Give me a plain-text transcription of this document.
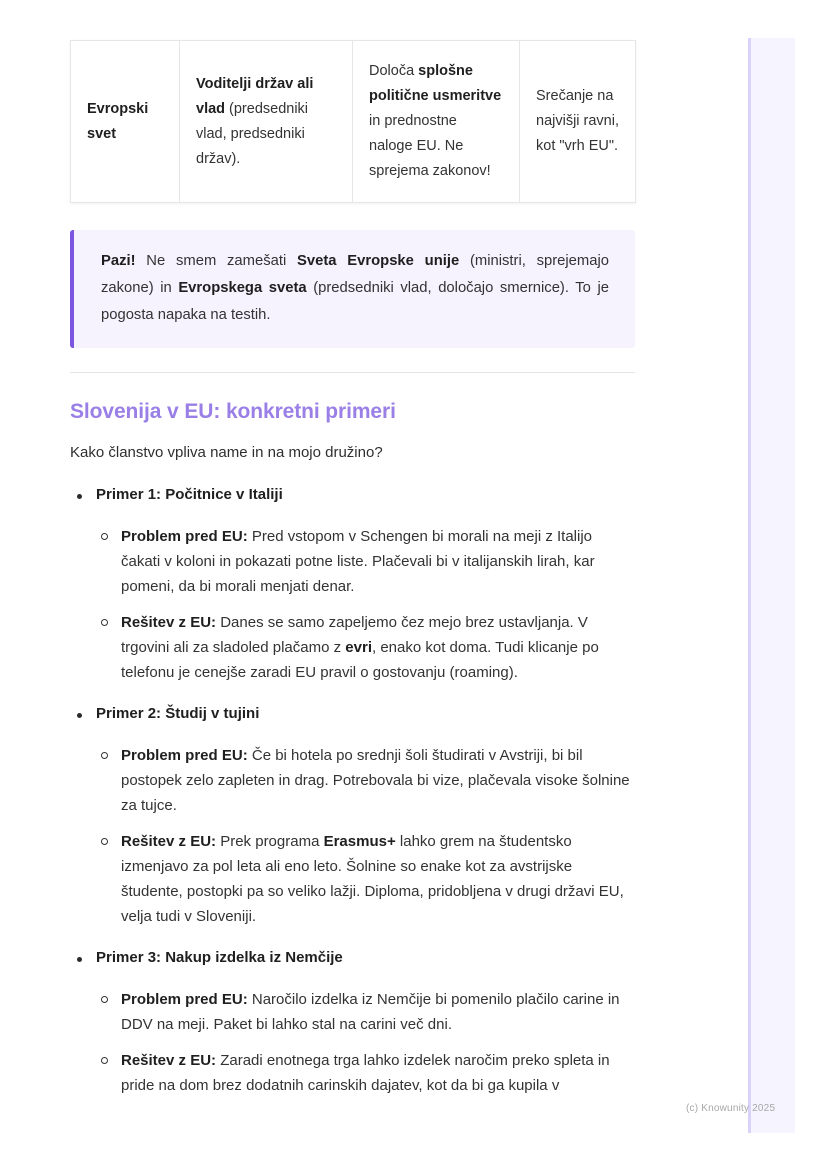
Evropski svet	Voditelji držav ali vlad (predsedniki vlad, predsedniki držav).	Določa splošne politične usmeritve in prednostne naloge EU. Ne sprejema zakonov!	Srečanje na najvišji ravni, kot "vrh EU".
Pazi! Ne smem zamešati Sveta Evropske unije (ministri, sprejemajo zakone) in Evropskega sveta (predsedniki vlad, določajo smernice). To je pogosta napaka na testih.
Slovenija v EU: konkretni primeri

Kako članstvo vpliva name in na mojo družino?

Primer 1: Počitnice v Italiji
Problem pred EU: Pred vstopom v Schengen bi morali na meji z Italijo čakati v koloni in pokazati potne liste. Plačevali bi v italijanskih lirah, kar pomeni, da bi morali menjati denar.
Rešitev z EU: Danes se samo zapeljemo čez mejo brez ustavljanja. V trgovini ali za sladoled plačamo z evri, enako kot doma. Tudi klicanje po telefonu je cenejše zaradi EU pravil o gostovanju (roaming).
Primer 2: Študij v tujini
Problem pred EU: Če bi hotela po srednji šoli študirati v Avstriji, bi bil postopek zelo zapleten in drag. Potrebovala bi vize, plačevala visoke šolnine za tujce.
Rešitev z EU: Prek programa Erasmus+ lahko grem na študentsko izmenjavo za pol leta ali eno leto. Šolnine so enake kot za avstrijske študente, postopki pa so veliko lažji. Diploma, pridobljena v drugi državi EU, velja tudi v Sloveniji.
Primer 3: Nakup izdelka iz Nemčije
Problem pred EU: Naročilo izdelka iz Nemčije bi pomenilo plačilo carine in DDV na meji. Paket bi lahko stal na carini več dni.
Rešitev z EU: Zaradi enotnega trga lahko izdelek naročim preko spleta in pride na dom brez dodatnih carinskih dajatev, kot da bi ga kupila v
(c) Knowunity 2025
